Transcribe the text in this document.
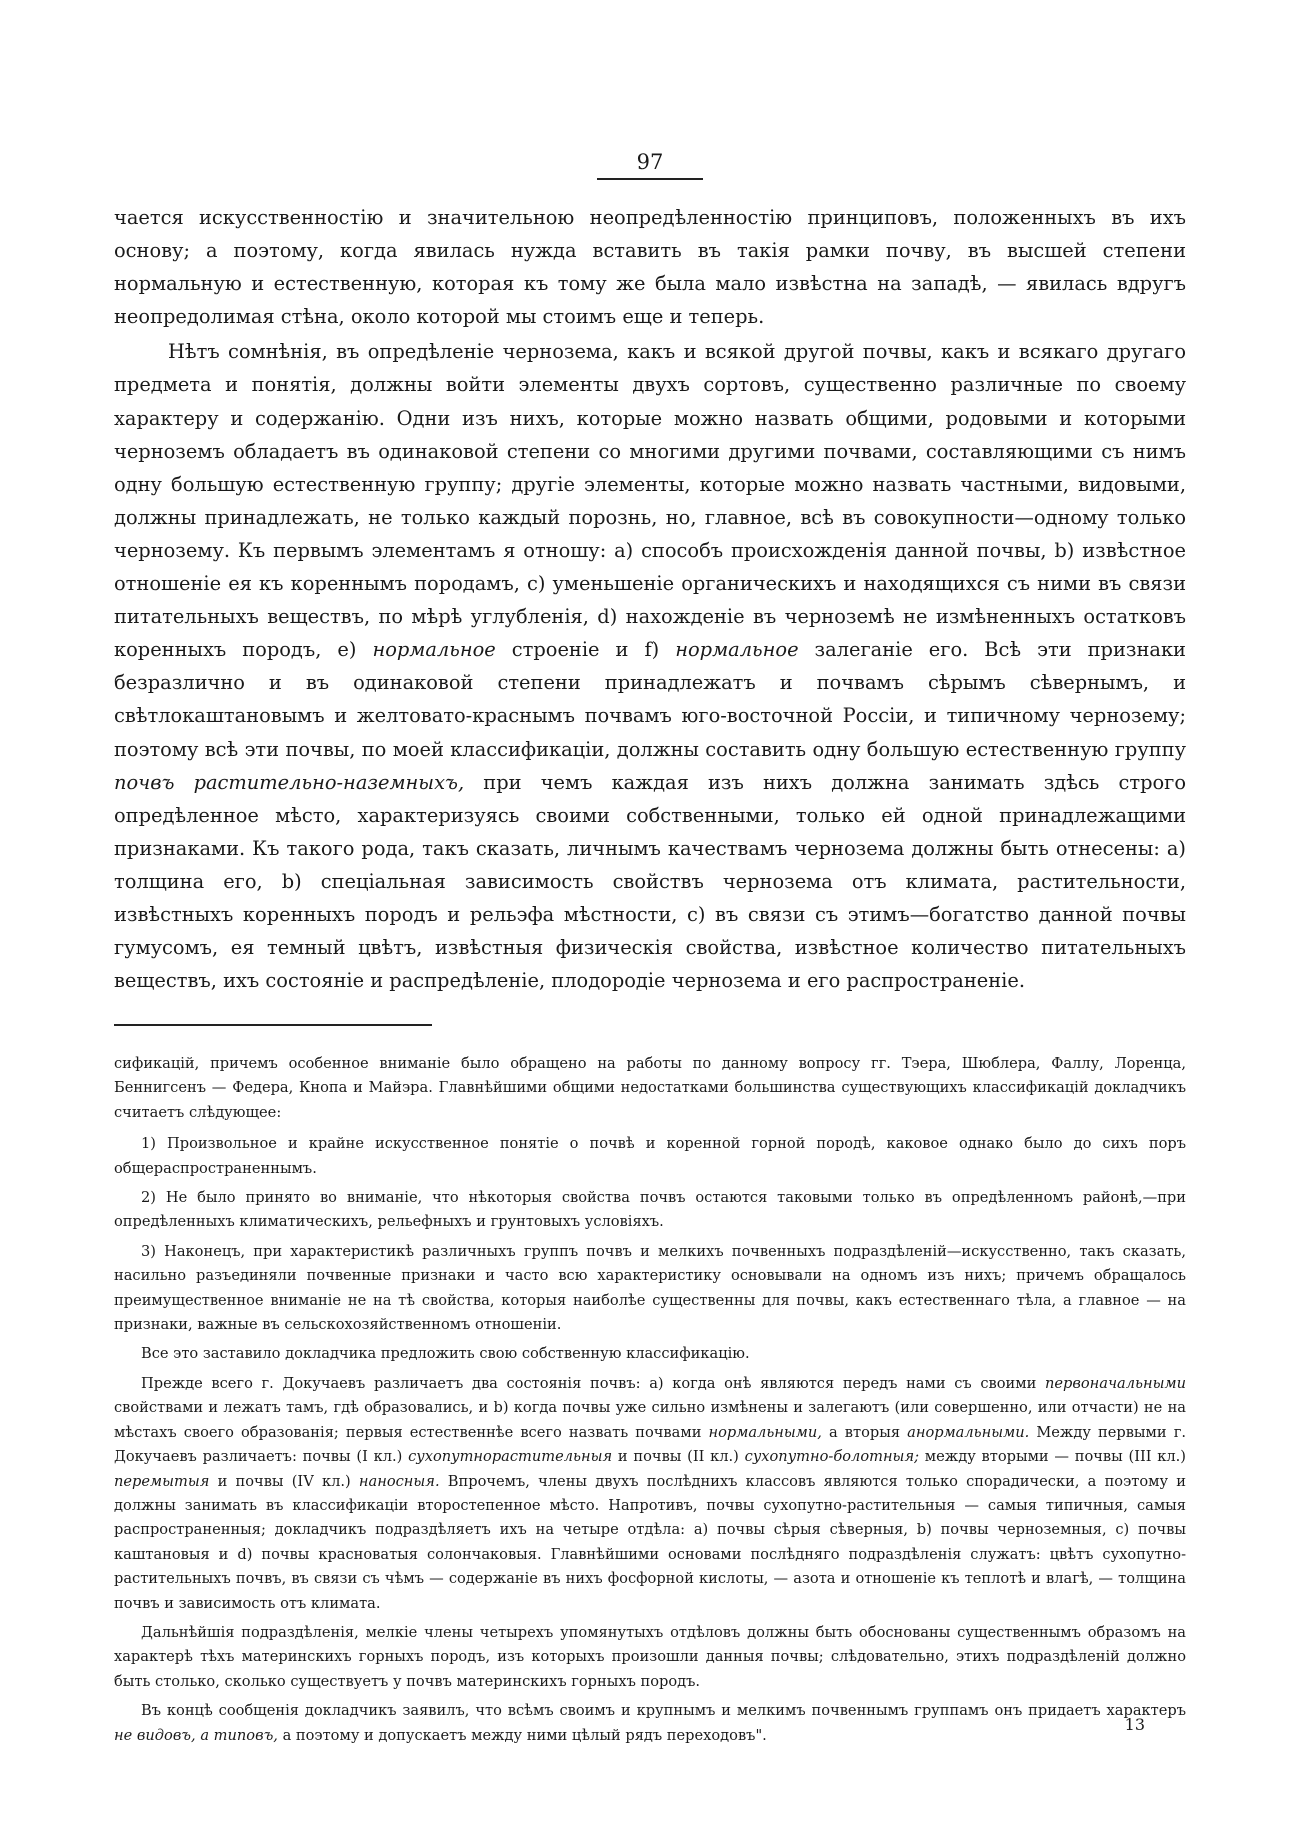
97

чается искусственностію и значительною неопредѣленностію принциповъ, положенныхъ въ ихъ основу; а поэтому, когда явилась нужда вставить въ такія рамки почву, въ высшей степени нормальную и естественную, которая къ тому же была мало извѣстна на западѣ, — явилась вдругъ неопредолимая стѣна, около которой мы стоимъ еще и теперь.

Нѣтъ сомнѣнія, въ опредѣленіе чернозема, какъ и всякой другой почвы, какъ и всякаго другаго предмета и понятія, должны войти элементы двухъ сортовъ, существенно различные по своему характеру и содержанію. Одни изъ нихъ, которые можно назвать общими, родовыми и которыми черноземъ обладаетъ въ одинаковой степени со многими другими почвами, составляющими съ нимъ одну большую естественную группу; другіе элементы, которые можно назвать частными, видовыми, должны принадлежать, не только каждый порознь, но, главное, всѣ въ совокупности—одному только чернозему. Къ первымъ элементамъ я отношу: а) способъ происхожденія данной почвы, b) извѣстное отношеніе ея къ кореннымъ породамъ, c) уменьшеніе органическихъ и находящихся съ ними въ связи питательныхъ веществъ, по мѣрѣ углубленія, d) нахожденіе въ черноземѣ не измѣненныхъ остатковъ коренныхъ породъ, e) нормальное строеніе и f) нормальное залеганіе его. Всѣ эти признаки безразлично и въ одинаковой степени принадлежатъ и почвамъ сѣрымъ сѣвернымъ, и свѣтлокаштановымъ и желтовато-краснымъ почвамъ юго-восточной Россіи, и типичному чернозему; поэтому всѣ эти почвы, по моей классификаціи, должны составить одну большую естественную группу почвъ растительно-наземныхъ, при чемъ каждая изъ нихъ должна занимать здѣсь строго опредѣленное мѣсто, характеризуясь своими собственными, только ей одной принадлежащими признаками. Къ такого рода, такъ сказать, личнымъ качествамъ чернозема должны быть отнесены: а) толщина его, b) спеціальная зависимость свойствъ чернозема отъ климата, растительности, извѣстныхъ коренныхъ породъ и рельэфа мѣстности, c) въ связи съ этимъ—богатство данной почвы гумусомъ, ея темный цвѣтъ, извѣстныя физическія свойства, извѣстное количество питательныхъ веществъ, ихъ состояніе и распредѣленіе, плодородіе чернозема и его распространеніе.

сификацій, причемъ особенное вниманіе было обращено на работы по данному вопросу гг. Тэера, Шюблера, Фаллу, Лоренца, Беннигсенъ — Федера, Кнопа и Майэра. Главнѣйшими общими недостатками большинства существующихъ классификацій докладчикъ считаетъ слѣдующее:

1) Произвольное и крайне искусственное понятіе о почвѣ и коренной горной породѣ, каковое однако было до сихъ поръ общераспространеннымъ.

2) Не было принято во вниманіе, что нѣкоторыя свойства почвъ остаются таковыми только въ опредѣленномъ районѣ,—при опредѣленныхъ климатическихъ, рельефныхъ и грунтовыхъ условіяхъ.

3) Наконецъ, при характеристикѣ различныхъ группъ почвъ и мелкихъ почвенныхъ подраздѣленій—искусственно, такъ сказать, насильно разъединяли почвенные признаки и часто всю характеристику основывали на одномъ изъ нихъ; причемъ обращалось преимущественное вниманіе не на тѣ свойства, которыя наиболѣе существенны для почвы, какъ естественнаго тѣла, а главное — на признаки, важные въ сельскохозяйственномъ отношеніи.

Все это заставило докладчика предложить свою собственную классификацію.

Прежде всего г. Докучаевъ различаетъ два состоянія почвъ: а) когда онѣ являются передъ нами съ своими первоначальными свойствами и лежатъ тамъ, гдѣ образовались, и b) когда почвы уже сильно измѣнены и залегаютъ (или совершенно, или отчасти) не на мѣстахъ своего образованія; первыя естественнѣе всего назвать почвами нормальными, а вторыя анормальными. Между первыми г. Докучаевъ различаетъ: почвы (I кл.) сухопутнорастительныя и почвы (II кл.) сухопутно-болотныя; между вторыми — почвы (III кл.) перемытыя и почвы (IV кл.) наносныя. Впрочемъ, члены двухъ послѣднихъ классовъ являются только спорадически, а поэтому и должны занимать въ классификаціи второстепенное мѣсто. Напротивъ, почвы сухопутно-растительныя — самыя типичныя, самыя распространенныя; докладчикъ подраздѣляетъ ихъ на четыре отдѣла: а) почвы сѣрыя сѣверныя, b) почвы черноземныя, c) почвы каштановыя и d) почвы красноватыя солончаковыя. Главнѣйшими основами послѣдняго подраздѣленія служатъ: цвѣтъ сухопутно-растительныхъ почвъ, въ связи съ чѣмъ — содержаніе въ нихъ фосфорной кислоты, — азота и отношеніе къ теплотѣ и влагѣ, — толщина почвъ и зависимость отъ климата.

Дальнѣйшія подраздѣленія, мелкіе члены четырехъ упомянутыхъ отдѣловъ должны быть обоснованы существеннымъ образомъ на характерѣ тѣхъ материнскихъ горныхъ породъ, изъ которыхъ произошли данныя почвы; слѣдовательно, этихъ подраздѣленій должно быть столько, сколько существуетъ у почвъ материнскихъ горныхъ породъ.

Въ концѣ сообщенія докладчикъ заявилъ, что всѣмъ своимъ и крупнымъ и мелкимъ почвеннымъ группамъ онъ придаетъ характеръ не видовъ, а типовъ, а поэтому и допускаетъ между ними цѣлый рядъ переходовъ".

13
